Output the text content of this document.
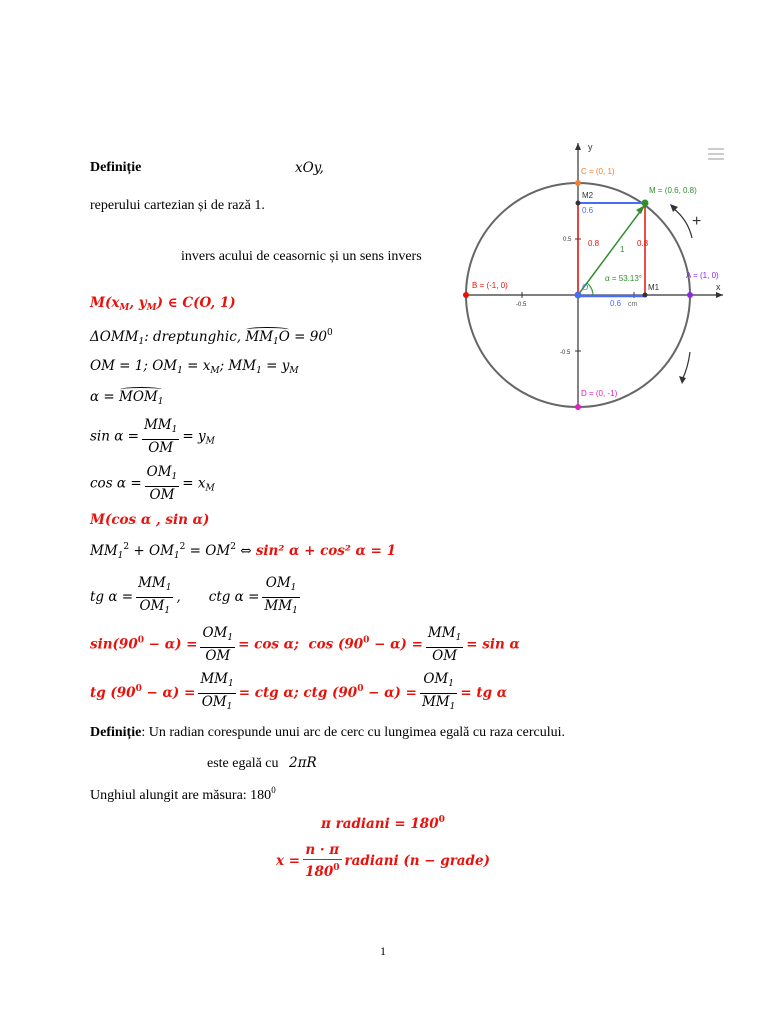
Definiție	xOy,
reperului cartezian și de rază 1.
invers acului de ceasornic și un sens invers
$M(x_M$, $y_M$) ∈ C(O, 1)
$\Delta OMM_1$: dreptunghic, $MM_1O = 90^0$
OM = 1; $OM_1 = x_M$; $MM_1 = y_M$
$\alpha = MOM_1$
$\sin \alpha = \frac{MM_1}{OM} = y_M$
$\cos \alpha = \frac{OM_1}{OM} = x_M$
M(cos α , sin α)
$MM_1^2 + OM_1^2 = OM^2$ ⇔ sin² α + cos² α = 1
tg $\alpha = \frac{MM_1}{OM_1}$ , ctg $\alpha = \frac{OM_1}{MM_1}$
$\sin(90^0 - \alpha) = \frac{OM_1}{OM} = \cos \alpha$; $\cos (90^0 - \alpha) = \frac{MM_1}{OM} = \sin \alpha$
tg $(90^0 - \alpha) = \frac{MM_1}{OM_1}$ = ctg α; ctg $(90^0 - \alpha) = \frac{OM_1}{MM_1}$ = tg α
Definiție: Un radian corespunde unui arc de cerc cu lungimea egală cu raza cercului.
este egală cu 2πR
Unghiul alungit are măsura: $180^0$
π radiani = $180^0$
$x = \frac{n \cdot \pi}{180^0}$ radiani (n − grade)
1
y
x
C = (0, 1)
M = (0.6, 0.8)
M2
0.6
0.5 0.8	0.8
1
α = 53.13°	A = (1, 0)
B = (-1, 0)
-0.5
O	M1
0.6 cm
-0.5
D = (0, -1)
+
